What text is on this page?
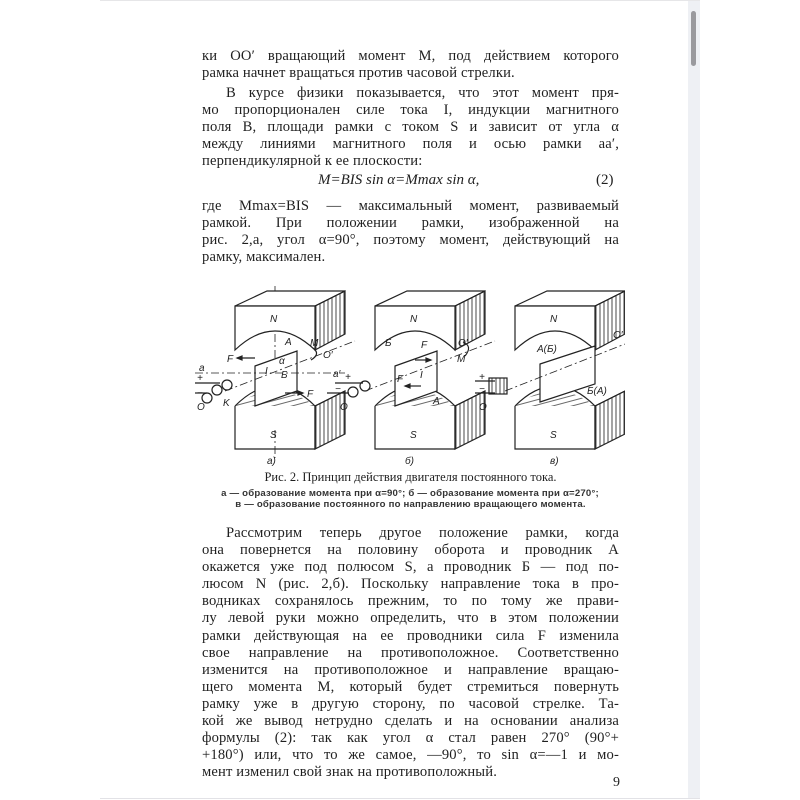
ки OO′ вращающий момент M, под действием которого
рамка начнет вращаться против часовой стрелки.

В курсе физики показывается, что этот момент пря-
мо пропорционален силе тока I, индукции магнитного
поля B, площади рамки с током S и зависит от угла α
между линиями магнитного поля и осью рамки aa′,
перпендикулярной к ее плоскости:

M=BIS sin α=Mmax sin α,	(2)

где Mmax=BIS — максимальный момент, развиваемый
рамкой. При положении рамки, изображенной на
рис. 2,a, угол α=90°, поэтому момент, действующий на
рамку, максимален.

N
S
A M
O′
F	α
I Б
a
a′
F
+
−
O K
а)
N
S
Б	F	O′
M
F I
A
+
−
O
б)
N
S
A(Б)
O′
Б(A)
+
−
O
в)
Рис. 2. Принцип действия двигателя постоянного тока.
а — образование момента при α=90°; б — образование момента при α=270°;
в — образование постоянного по направлению вращающего момента.

Рассмотрим теперь другое положение рамки, когда
она повернется на половину оборота и проводник A
окажется уже под полюсом S, а проводник Б — под по-
люсом N (рис. 2,б). Поскольку направление тока в про-
водниках сохранялось прежним, то по тому же прави-
лу левой руки можно определить, что в этом положении
рамки действующая на ее проводники сила F изменила
свое направление на противоположное. Соответственно
изменится на противоположное и направление вращаю-
щего момента M, который будет стремиться повернуть
рамку уже в другую сторону, по часовой стрелке. Та-
кой же вывод нетрудно сделать и на основании анализа
формулы (2): так как угол α стал равен 270° (90°+
+180°) или, что то же самое, —90°, то sin α=—1 и мо-
мент изменил свой знак на противоположный.

9
